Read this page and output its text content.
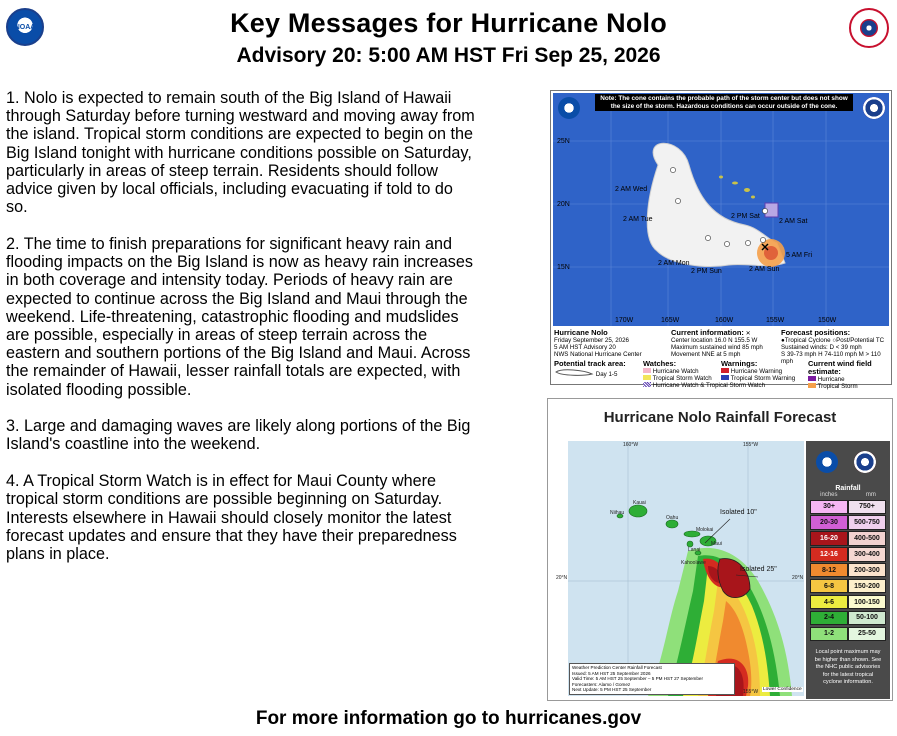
NOAA	Key Messages for Hurricane Nolo
Advisory 20: 5:00 AM HST Fri Sep 25, 2026

1. Nolo is expected to remain south of the Big Island of Hawaii through Saturday before turning westward and moving away from the island. Tropical storm conditions are expected to begin on the Big Island tonight with hurricane conditions possible on Saturday, particularly in areas of steep terrain. Residents should follow advice given by local officials, including evacuating if told to do so.

2. The time to finish preparations for significant heavy rain and flooding impacts on the Big Island is now as heavy rain increases in both coverage and intensity today. Periods of heavy rain are expected to continue across the Big Island and Maui through the weekend. Life-threatening, catastrophic flooding and mudslides are possible, especially in areas of steep terrain across the eastern and southern portions of the Big Island and Maui. Across the remainder of Hawaii, lesser rainfall totals are expected, with isolated flooding possible.

3. Large and damaging waves are likely along portions of the Big Island's coastline into the weekend.

4. A Tropical Storm Watch is in effect for Maui County where tropical storm conditions are possible beginning on Saturday. Interests elsewhere in Hawaii should closely monitor the latest forecast updates and ensure that they have their preparedness plans in place.

25N
20N
15N
170W	165W	160W	155W	150W
2 AM Wed
2 AM Tue	2 PM Sat
2 AM Sat
5 AM Fri
2 AM Mon
2 PM Sun	2 AM Sun
Note: The cone contains the probable path of the storm center but does not show the size of the storm. Hazardous conditions can occur outside of the cone.
Hurricane Nolo
Friday September 25, 2026
5 AM HST Advisory 20
NWS National Hurricane Center
Current information: ✕
Center location 16.0 N 155.5 W
Maximum sustained wind 85 mph
Movement NNE at 5 mph
Forecast positions:
●Tropical Cyclone ○Post/Potential TC
Sustained winds: D < 39 mph
S 39-73 mph H 74-110 mph M > 110 mph
Potential track area:
Day 1-5
Watches:
Hurricane Watch
Tropical Storm Watch
Hurricane Watch & Tropical Storm Watch
Warnings:
Hurricane Warning
Tropical Storm Warning
Current wind field estimate:
Hurricane
Tropical Storm
Hurricane Nolo Rainfall Forecast
160°W	155°W
155°W
20°N	20°N
Kauai
Niihau
Oahu
Molokai
Lanai
Maui
Kahoolawe
Isolated 10"
Isolated 25"
Weather Prediction Center Rainfall Forecast
Issued: 5 AM HST 25 September 2026
Valid Time: 5 AM HST 25 September – 5 PM HST 27 September
Forecasters: Alamo / Gomez
Next Update: 5 PM HST 25 September	Lower Confidence
Rainfall
inches	mm
30+	750+
20-30	500-750
16-20	400-500
12-16	300-400
8-12	200-300
6-8	150-200
4-6	100-150
2-4	50-100
1-2	25-50
Local point maximum may be higher than shown. See the NHC public advisories for the latest tropical cyclone information.
For more information go to hurricanes.gov
